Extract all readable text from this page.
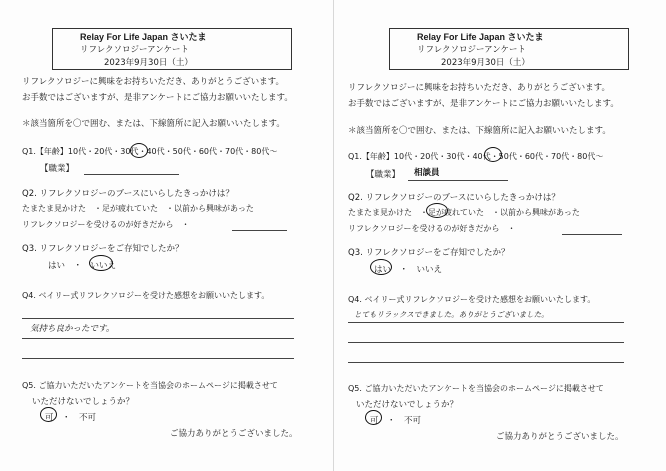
Relay For Life Japan さいたま
リフレクソロジーアンケート
2023年9月30日（土）
リフレクソロジーに興味をお持ちいただき、ありがとうございます。
お手数ではございますが、是非アンケートにご協力お願いいたします。
＊該当箇所を〇で囲む、または、下線箇所に記入お願いいたします。
Q1.【年齢】10代・20代・30代・40代・50代・60代・70代・80代～
【職業】
Q2. リフレクソロジーのブースにいらしたきっかけは？
たまたま見かけた　・足が疲れていた　・以前から興味があった
リフレクソロジーを受けるのが好きだから　・
Q3. リフレクソロジーをご存知でしたか？
はい　・　いいえ
Q4. ベイリー式リフレクソロジーを受けた感想をお願いいたします。
気持ち良かったです。
Q5. ご協力いただいたアンケートを当協会のホームページに掲載させて
いただけないでしょうか？
可　・　不可
ご協力ありがとうございました。
Relay For Life Japan さいたま
リフレクソロジーアンケート
2023年9月30日（土）
リフレクソロジーに興味をお持ちいただき、ありがとうございます。
お手数ではございますが、是非アンケートにご協力お願いいたします。
＊該当箇所を〇で囲む、または、下線箇所に記入お願いいたします。
Q1.【年齢】10代・20代・30代・40代・50代・60代・70代・80代～
【職業】 相談員
Q2. リフレクソロジーのブースにいらしたきっかけは？
たまたま見かけた　・足が疲れていた　・以前から興味があった
リフレクソロジーを受けるのが好きだから　・
Q3. リフレクソロジーをご存知でしたか？
はい　・　いいえ
Q4. ベイリー式リフレクソロジーを受けた感想をお願いいたします。
とてもリラックスできました。ありがとうございました。
Q5. ご協力いただいたアンケートを当協会のホームページに掲載させて
いただけないでしょうか？
可　・　不可
ご協力ありがとうございました。
